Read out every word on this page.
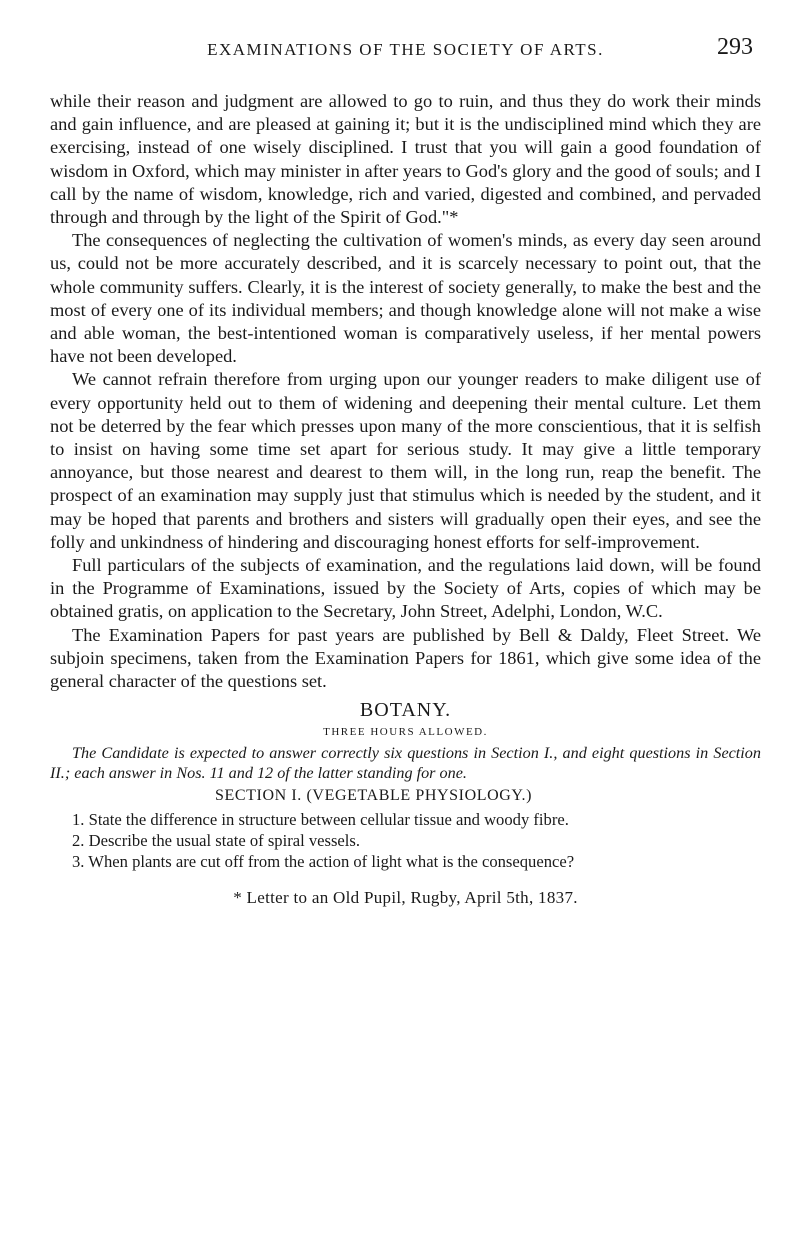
EXAMINATIONS OF THE SOCIETY OF ARTS.	293

while their reason and judgment are allowed to go to ruin, and thus they do work their minds and gain influence, and are pleased at gaining it; but it is the undisciplined mind which they are exercising, instead of one wisely disciplined. I trust that you will gain a good foundation of wisdom in Oxford, which may minister in after years to God's glory and the good of souls; and I call by the name of wisdom, knowledge, rich and varied, digested and combined, and pervaded through and through by the light of the Spirit of God."*

The consequences of neglecting the cultivation of women's minds, as every day seen around us, could not be more accurately described, and it is scarcely necessary to point out, that the whole community suffers. Clearly, it is the interest of society generally, to make the best and the most of every one of its individual members; and though knowledge alone will not make a wise and able woman, the best-intentioned woman is comparatively useless, if her mental powers have not been developed.

We cannot refrain therefore from urging upon our younger readers to make diligent use of every opportunity held out to them of widening and deepening their mental culture. Let them not be deterred by the fear which presses upon many of the more conscientious, that it is selfish to insist on having some time set apart for serious study. It may give a little temporary annoyance, but those nearest and dearest to them will, in the long run, reap the benefit. The prospect of an examination may supply just that stimulus which is needed by the student, and it may be hoped that parents and brothers and sisters will gradually open their eyes, and see the folly and unkindness of hindering and discouraging honest efforts for self-improvement.

Full particulars of the subjects of examination, and the regulations laid down, will be found in the Programme of Examinations, issued by the Society of Arts, copies of which may be obtained gratis, on application to the Secretary, John Street, Adelphi, London, W.C.

The Examination Papers for past years are published by Bell & Daldy, Fleet Street. We subjoin specimens, taken from the Examination Papers for 1861, which give some idea of the general character of the questions set.

BOTANY.
THREE HOURS ALLOWED.

The Candidate is expected to answer correctly six questions in Section I., and eight questions in Section II.; each answer in Nos. 11 and 12 of the latter standing for one.

SECTION I. (VEGETABLE PHYSIOLOGY.)

1. State the difference in structure between cellular tissue and woody fibre.

2. Describe the usual state of spiral vessels.

3. When plants are cut off from the action of light what is the consequence?

* Letter to an Old Pupil, Rugby, April 5th, 1837.
